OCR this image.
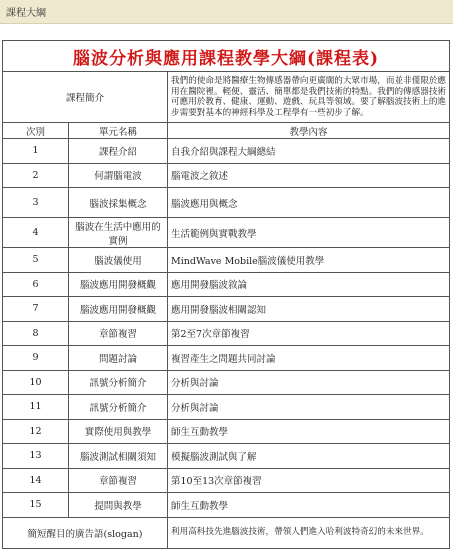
課程大綱
腦波分析與應用課程教學大綱(課程表)		
課程簡介		我們的使命是將醫療生物傳感器帶向更廣闊的大眾市場，而並非僅限於應用在醫院裡。輕便、靈活、簡單都是我們技術的特點。我們的傳感器技術可應用於教育、健康、運動、遊戲、玩具等領域。要了解腦波技術上的進步需要對基本的神經科學及工程學有一些初步了解。
次別	單元名稱	教學內容
1	課程介紹	自我介紹與課程大綱總結
2	何謂腦電波	腦電波之敘述
3	腦波採集概念	腦波應用與概念
4	腦波在生活中應用的實例	生活範例與實戰教學
5	腦波儀使用	MindWave Mobile腦波儀使用教學
6	腦波應用開發概觀	應用開發腦波敘論
7	腦波應用開發概觀	應用開發腦波相關認知
8	章節複習	第2至7次章節複習
9	問題討論	複習產生之問題共同討論
10	訊號分析簡介	分析與討論
11	訊號分析簡介	分析與討論
12	實際使用與教學	師生互動教學
13	腦波測試相關須知	模擬腦波測試與了解
14	章節複習	第10至13次章節複習
15	提問與教學	師生互動教學
簡短醒目的廣告語(slogan)		利用高科技先進腦波技術，帶領人們進入哈利波特奇幻的未來世界。
